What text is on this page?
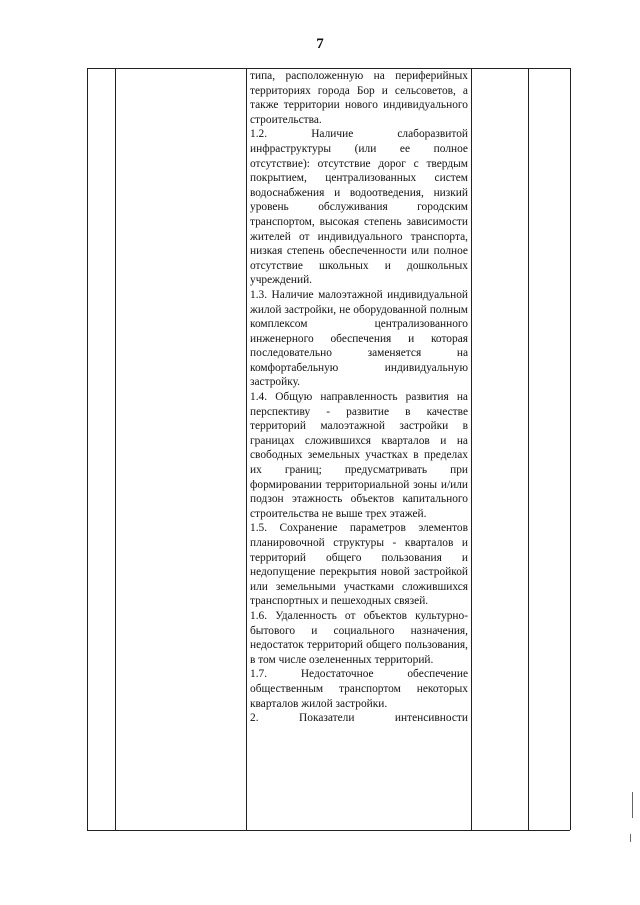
7

типа, расположенную на периферийных территориях города Бор и сельсоветов, а также территории нового индивидуального строительства.

1.2. Наличие слаборазвитой инфраструктуры (или ее полное отсутствие): отсутствие дорог с твердым покрытием, централизованных систем водоснабжения и водоотведения, низкий уровень обслуживания городским транспортом, высокая степень зависимости жителей от индивидуального транспорта, низкая степень обеспеченности или полное отсутствие школьных и дошкольных учреждений.

1.3. Наличие малоэтажной индивидуальной жилой застройки, не оборудованной полным комплексом централизованного инженерного обеспечения и которая последовательно заменяется на комфортабельную индивидуальную застройку.

1.4. Общую направленность развития на перспективу - развитие в качестве территорий малоэтажной застройки в границах сложившихся кварталов и на свободных земельных участках в пределах их границ; предусматривать при формировании территориальной зоны и/или подзон этажность объектов капитального строительства не выше трех этажей.

1.5. Сохранение параметров элементов планировочной структуры - кварталов и территорий общего пользования и недопущение перекрытия новой застройкой или земельными участками сложившихся транспортных и пешеходных связей.

1.6. Удаленность от объектов культурно-бытового и социального назначения, недостаток территорий общего пользования, в том числе озелененных территорий.

1.7. Недостаточное обеспечение общественным транспортом некоторых кварталов жилой застройки.

2. Показатели интенсивности
